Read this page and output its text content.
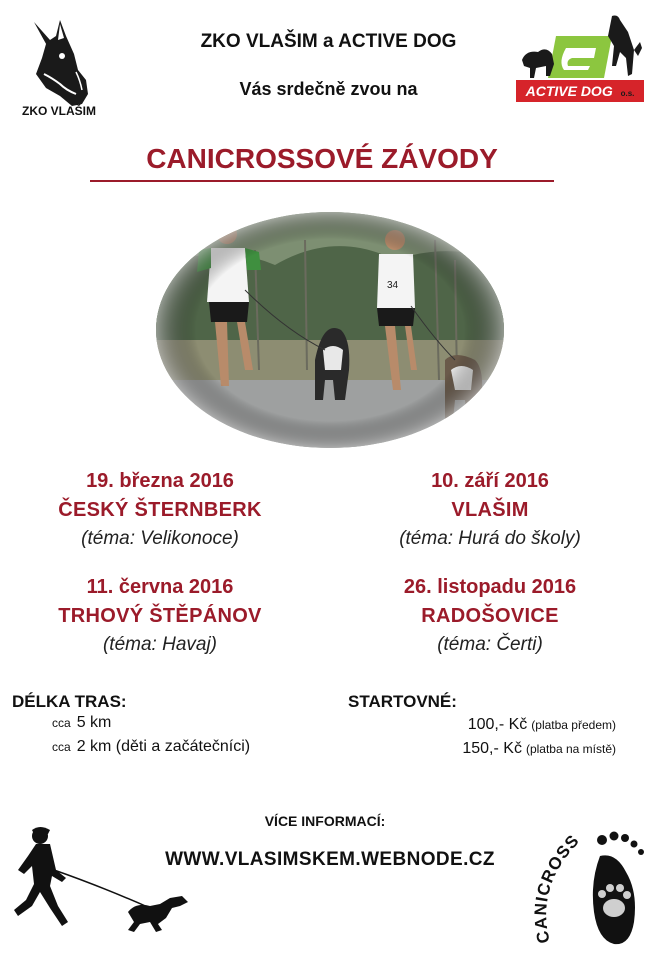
ZKO VLAŠIM
ZKO VLAŠIM a ACTIVE DOG
Vás srdečně zvou na	ACTIVE DOG o.s.
CANICROSSOVÉ ZÁVODY
19. března 2016
ČESKÝ ŠTERNBERK
(téma: Velikonoce)
10. září 2016
VLAŠIM
(téma: Hurá do školy)
11. června 2016
TRHOVÝ ŠTĚPÁNOV
(téma: Havaj)
26. listopadu 2016
RADOŠOVICE
(téma: Čerti)
DÉLKA TRAS:
cca 5 km
cca 2 km (děti a začátečníci)
STARTOVNÉ:
100,- Kč (platba předem)
150,- Kč (platba na místě)
VÍCE INFORMACÍ:
WWW.VLASIMSKEM.WEBNODE.CZ
CANICROSS
